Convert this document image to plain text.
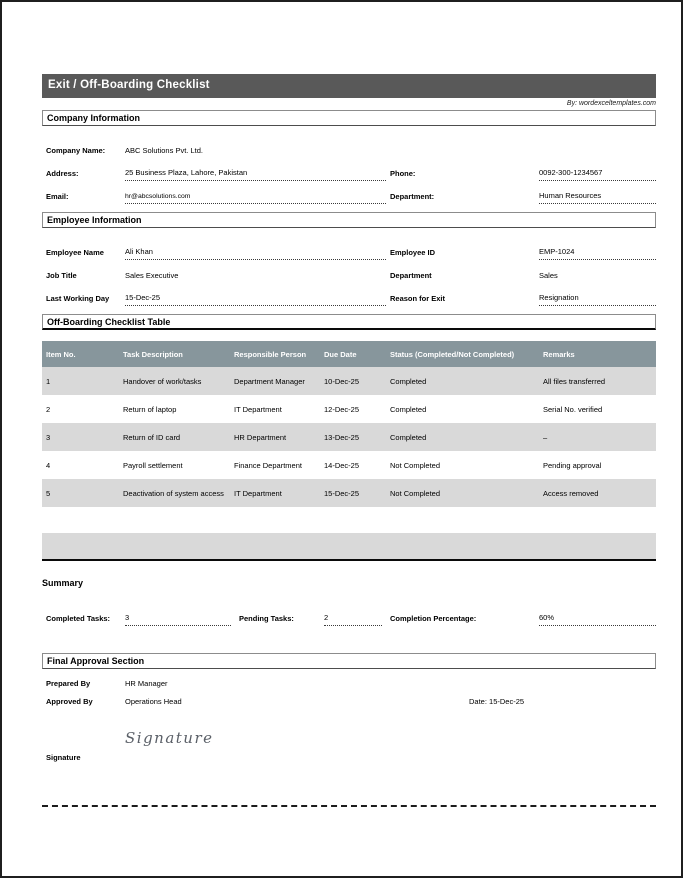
Exit / Off-Boarding Checklist
By: wordexceltemplates.com
Company Information
Company Name:	ABC Solutions Pvt. Ltd.
Address:	25 Business Plaza, Lahore, Pakistan	Phone:	0092-300-1234567
Email:	hr@abcsolutions.com	Department:	Human Resources
Employee Information
Employee Name	Ali Khan	Employee ID	EMP-1024
Job Title	Sales Executive	Department	Sales
Last Working Day	15-Dec-25	Reason for Exit	Resignation
Off-Boarding Checklist Table
Item No.	Task Description	Responsible Person	Due Date	Status (Completed/Not Completed)	Remarks
1	Handover of work/tasks	Department Manager	10-Dec-25	Completed	All files transferred
2	Return of laptop	IT Department	12-Dec-25	Completed	Serial No. verified
3	Return of ID card	HR Department	13-Dec-25	Completed	–
4	Payroll settlement	Finance Department	14-Dec-25	Not Completed	Pending approval
5	Deactivation of system access	IT Department	15-Dec-25	Not Completed	Access removed
Summary
Completed Tasks:	3	Pending Tasks:	2	Completion Percentage:	60%
Final Approval Section
Prepared By	HR Manager
Approved By	Operations Head	Date: 15-Dec-25
Signature
Signature
